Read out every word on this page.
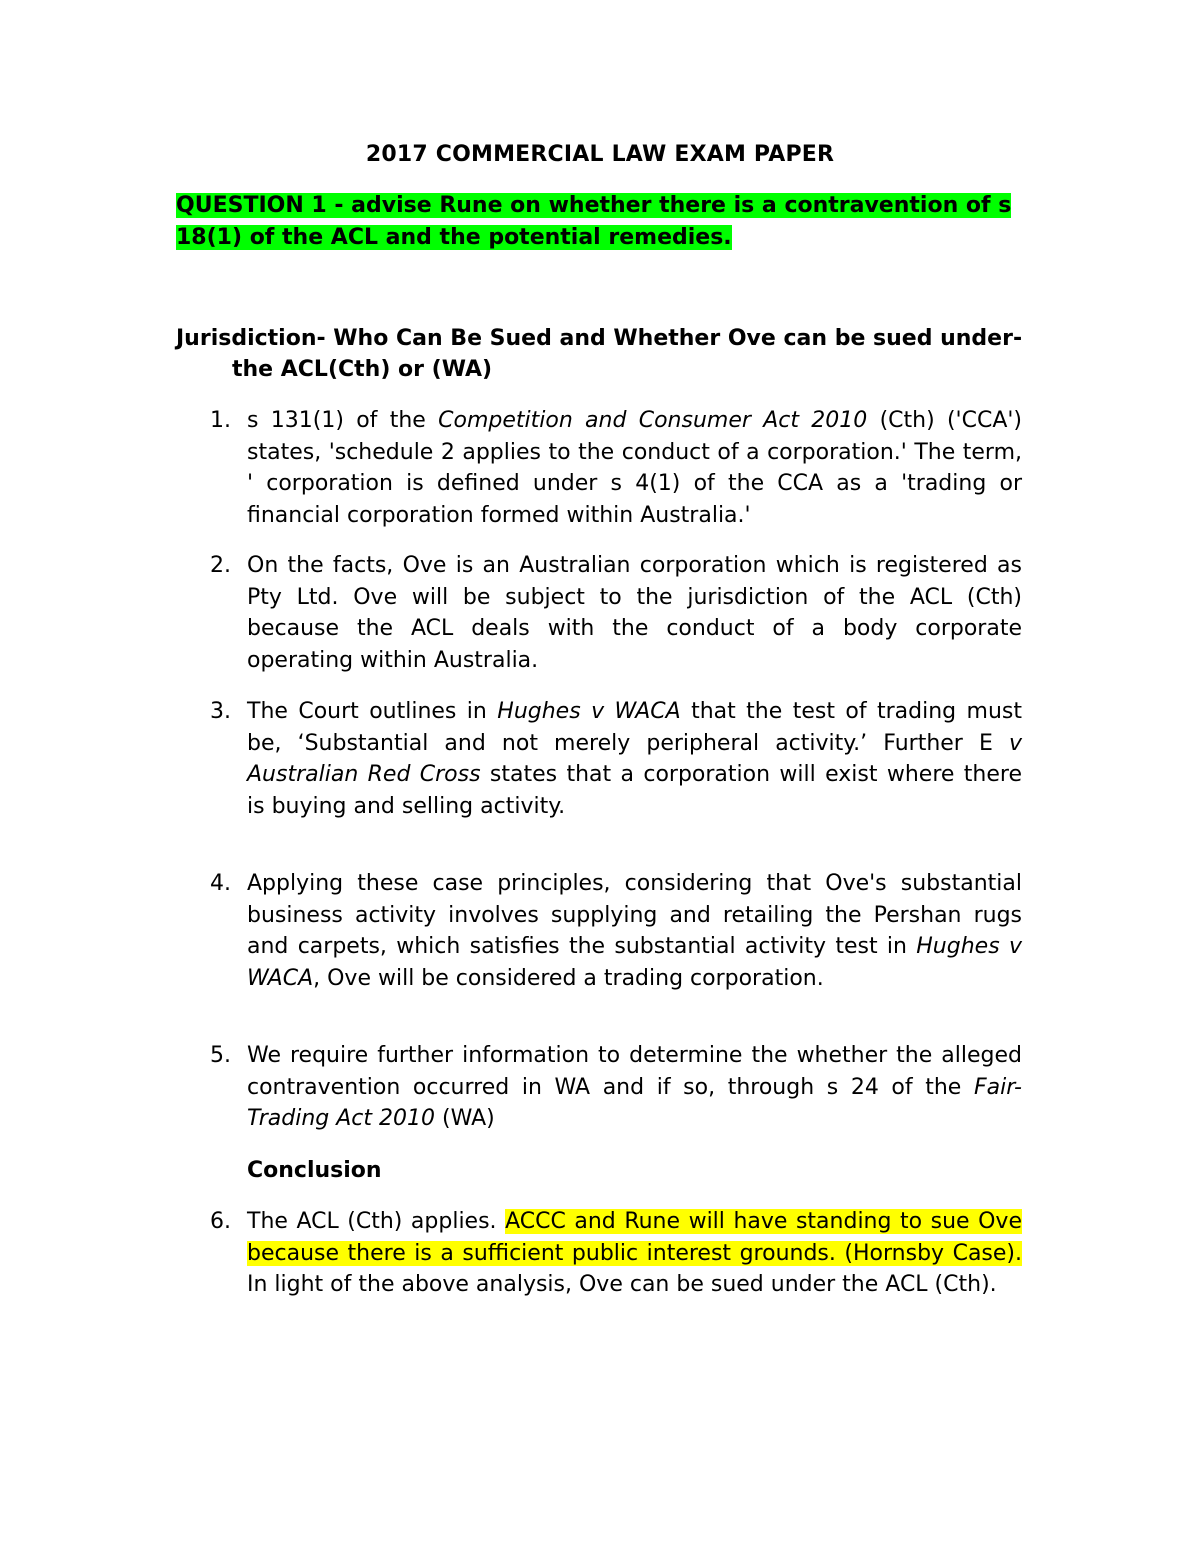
2017 COMMERCIAL LAW EXAM PAPER
QUESTION 1 - advise Rune on whether there is a contravention of s 18(1) of the ACL and the potential remedies.
Jurisdiction- Who Can Be Sued and Whether Ove can be sued under-the ACL(Cth) or (WA)
1. s 131(1) of the Competition and Consumer Act 2010 (Cth) ('CCA') states, 'schedule 2 applies to the conduct of a corporation.' The term, ' corporation is defined under s 4(1) of the CCA as a 'trading or financial corporation formed within Australia.'
2. On the facts, Ove is an Australian corporation which is registered as Pty Ltd. Ove will be subject to the jurisdiction of the ACL (Cth) because the ACL deals with the conduct of a body corporate operating within Australia.
3. The Court outlines in Hughes v WACA that the test of trading must be, ‘Substantial and not merely peripheral activity.’ Further E v Australian Red Cross states that a corporation will exist where there is buying and selling activity.
4. Applying these case principles, considering that Ove's substantial business activity involves supplying and retailing the Pershan rugs and carpets, which satisfies the substantial activity test in Hughes v WACA, Ove will be considered a trading corporation.
5. We require further information to determine the whether the alleged contravention occurred in WA and if so, through s 24 of the Fair-Trading Act 2010 (WA)
Conclusion
6. The ACL (Cth) applies. ACCC and Rune will have standing to sue Ove because there is a sufficient public interest grounds. (Hornsby Case). In light of the above analysis, Ove can be sued under the ACL (Cth).
